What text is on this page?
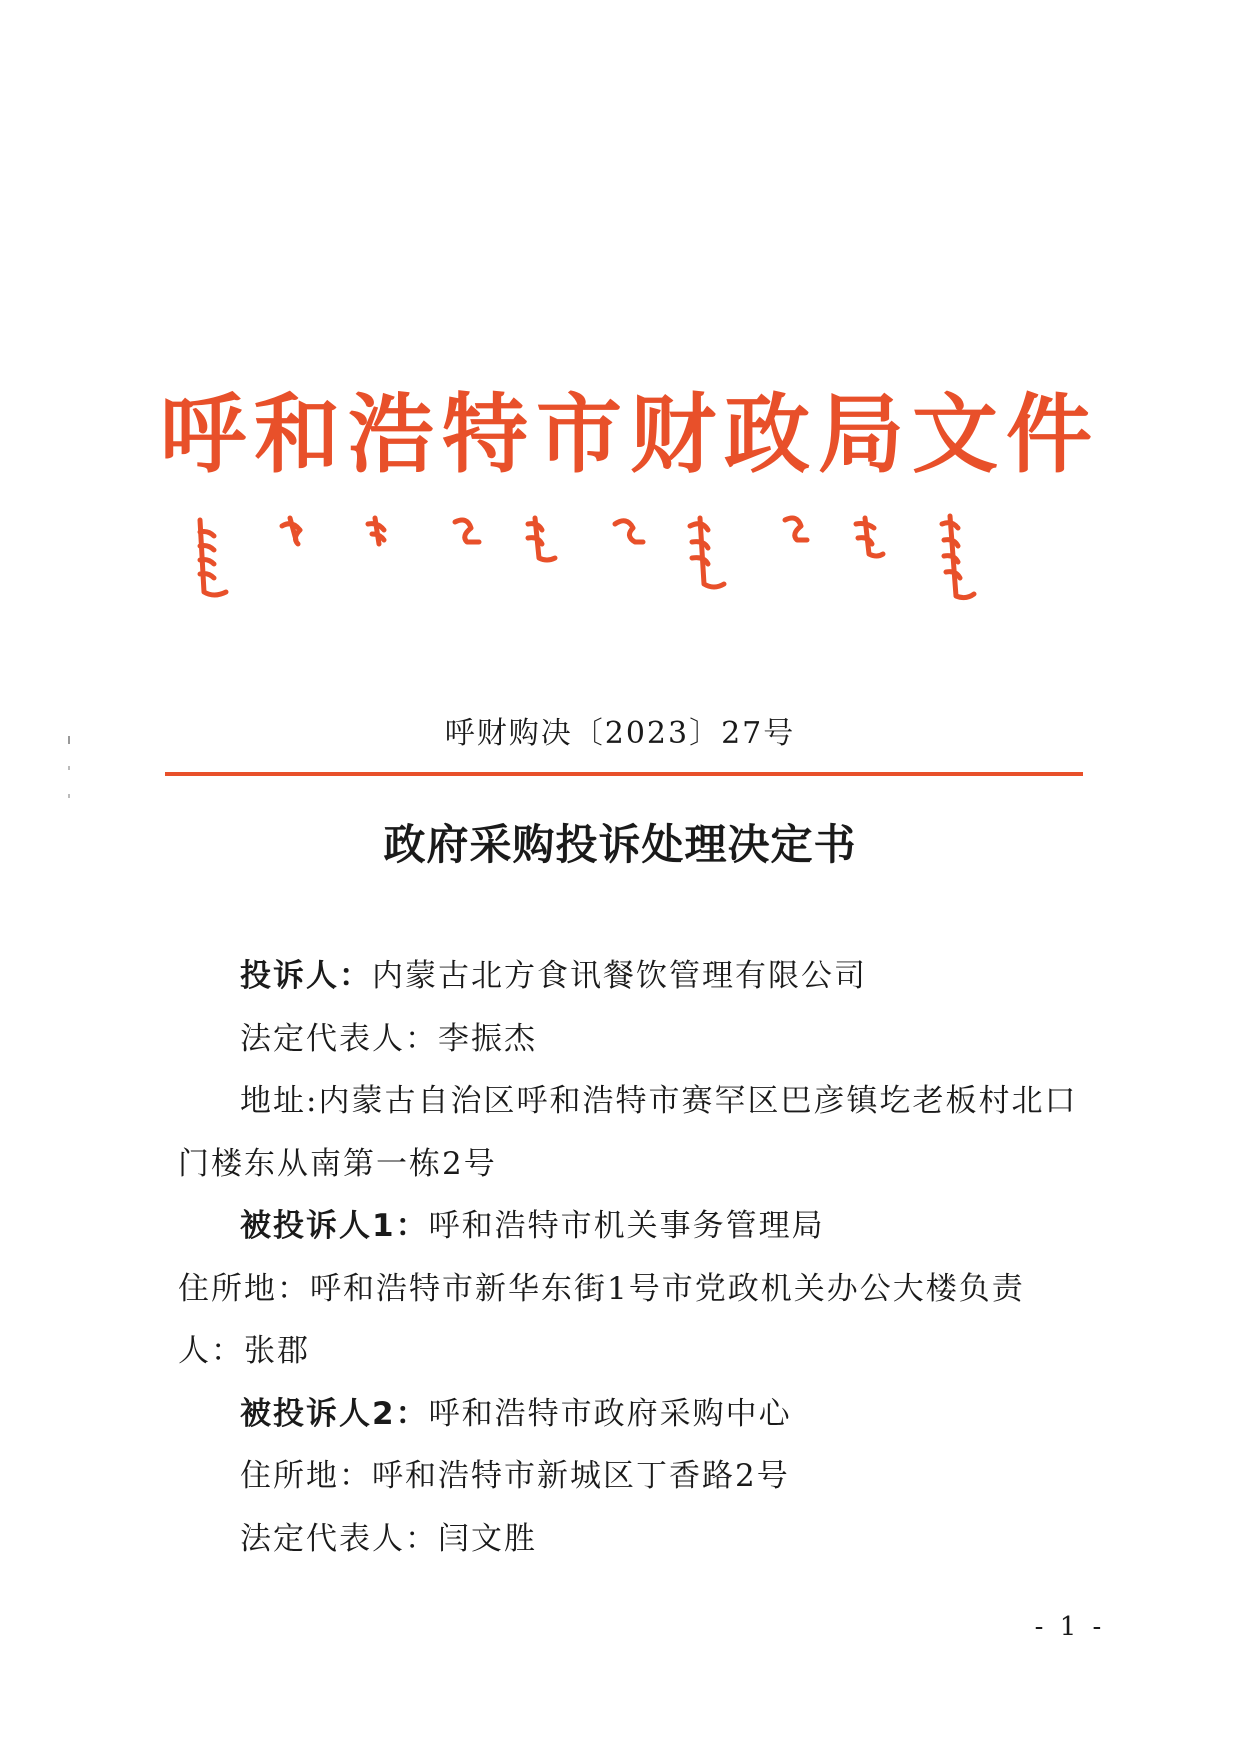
呼和浩特市财政局文件
呼财购决〔2023〕27号
政府采购投诉处理决定书

投诉人：内蒙古北方食讯餐饮管理有限公司

法定代表人：李振杰

地址:内蒙古自治区呼和浩特市赛罕区巴彦镇圪老板村北口门楼东从南第一栋2号

被投诉人1：呼和浩特市机关事务管理局

住所地：呼和浩特市新华东街1号市党政机关办公大楼负责人：张郡

被投诉人2：呼和浩特市政府采购中心

住所地：呼和浩特市新城区丁香路2号

法定代表人：闫文胜

- 1 -
